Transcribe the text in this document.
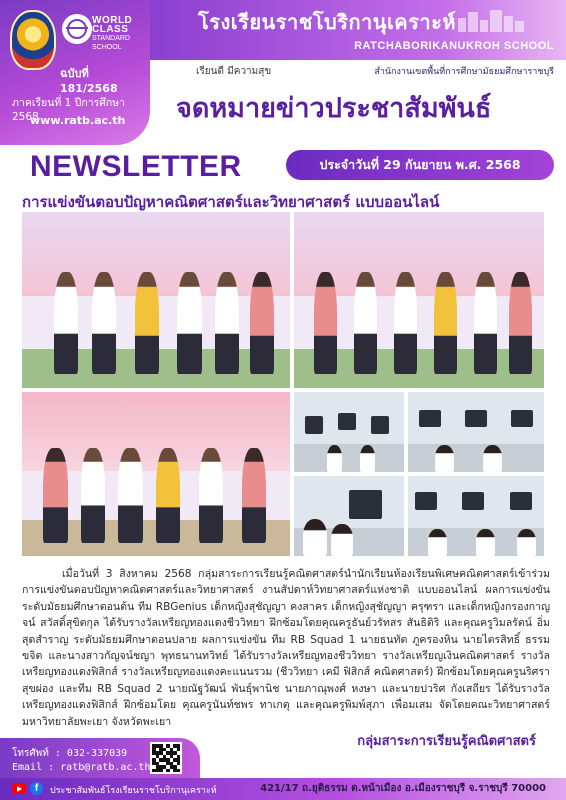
WORLD CLASS
STANDARD SCHOOL
ฉบับที่ 181/2568
ภาคเรียนที่ 1 ปีการศึกษา 2568
www.ratb.ac.th
โรงเรียนราชโบริกานุเคราะห์
RATCHABORIKANUKROH SCHOOL
เรียนดี มีความสุข	สำนักงานเขตพื้นที่การศึกษามัธยมศึกษาราชบุรี
จดหมายข่าวประชาสัมพันธ์
NEWSLETTER	ประจำวันที่ 29 กันยายน พ.ศ. 2568
การแข่งขันตอบปัญหาคณิตศาสตร์และวิทยาศาสตร์ แบบออนไลน์
เมื่อวันที่ 3 สิงหาคม 2568 กลุ่มสาระการเรียนรู้คณิตศาสตร์นำนักเรียนห้องเรียนพิเศษคณิตศาสตร์เข้าร่วมการแข่งขันตอบปัญหาคณิตศาสตร์และวิทยาศาสตร์ งานสัปดาห์วิทยาศาสตร์แห่งชาติ แบบออนไลน์ ผลการแข่งขันระดับมัธยมศึกษาตอนต้น ทีม RBGenius เด็กหญิงสุชัญญา คงสาคร เด็กหญิงสุชัญญา ครุฑรา และเด็กหญิงกรองกาญจน์ สวัสดิ์สุขิตกุล ได้รับรางวัลเหรียญทองแดงชีววิทยา ฝึกซ้อมโดยคุณครูธันย์วรัทสร สันธิติริ และคุณครูวิมลรัตน์ อิ่มสุดสำราญ ระดับมัธยมศึกษาตอนปลาย ผลการแข่งขัน ทีม RB Squad 1 นายธนทัต ภูครองหิน นายไตรสิทธิ์ ธรรมขจิต และนางสาวกัญจน์ชญา พุทธนานทวิทย์ ได้รับรางวัลเหรียญทองชีววิทยา รางวัลเหรียญเงินคณิตศาสตร์ รางวัลเหรียญทองแดงฟิสิกส์ รางวัลเหรียญทองแดงคะแนนรวม (ชีววิทยา เคมี ฟิสิกส์ คณิตศาสตร์) ฝึกซ้อมโดยคุณครูนริศรา สุขผ่อง และทีม RB Squad 2 นายณัฐวัฒน์ พันธุ์พานิช นายภาณุพงศ์ หงษา และนายปวริศ กังเสถียร ได้รับรางวัลเหรียญทองแดงฟิสิกส์ ฝึกซ้อมโดย คุณครูนันท์ชพร ทาเกตุ และคุณครูพิมพ์สุภา เพื่อมเสม จัดโดยคณะวิทยาศาสตร์ มหาวิทยาลัยพะเยา จังหวัดพะเยา
กลุ่มสาระการเรียนรู้คณิตศาสตร์
โทรศัพท์ : 032-337039
Email : ratb@ratb.ac.th
f
ประชาสัมพันธ์โรงเรียนราชโบริกานุเคราะห์	421/17 ถ.ยุติธรรม ต.หน้าเมือง อ.เมืองราชบุรี จ.ราชบุรี 70000
